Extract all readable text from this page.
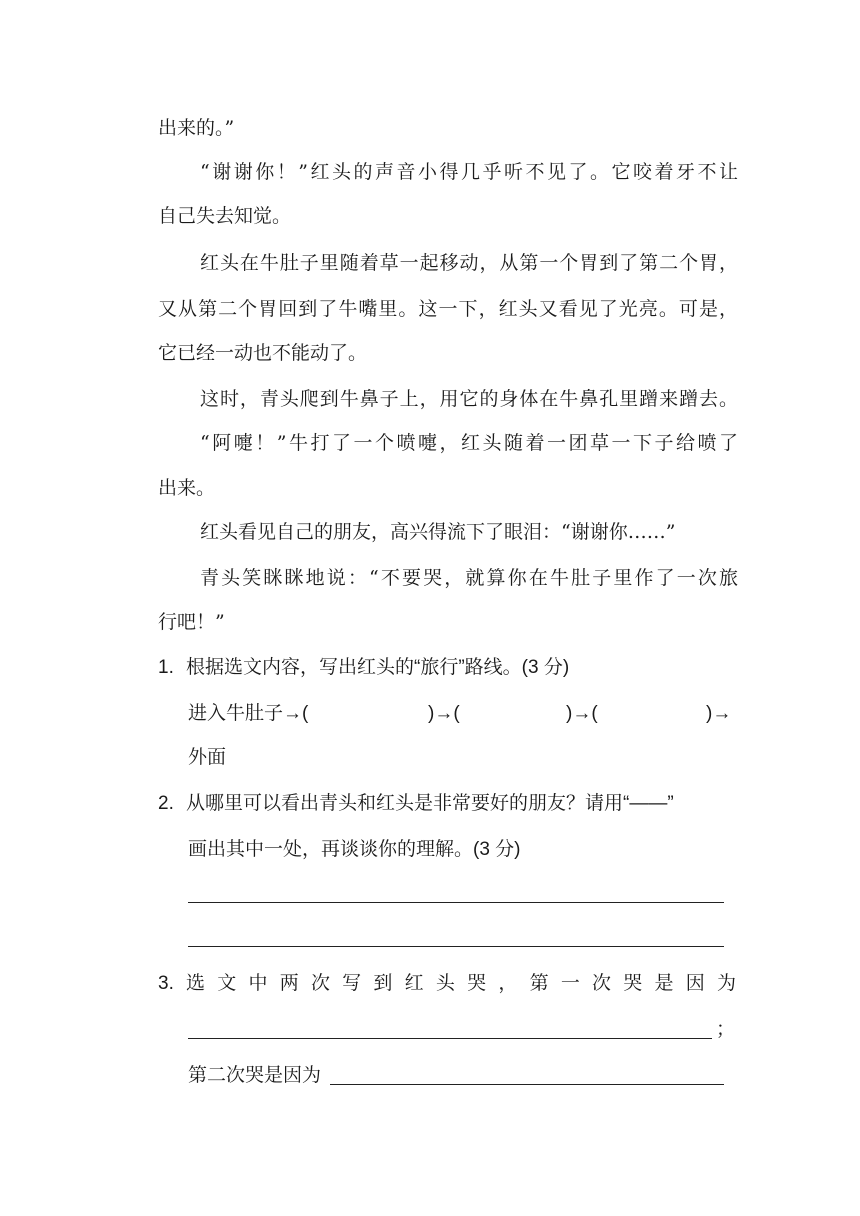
出来的。”
“谢谢你！”红头的声音小得几乎听不见了。它咬着牙不让
自己失去知觉。
红头在牛肚子里随着草一起移动，从第一个胃到了第二个胃，
又从第二个胃回到了牛嘴里。这一下，红头又看见了光亮。可是，
它已经一动也不能动了。
这时，青头爬到牛鼻子上，用它的身体在牛鼻孔里蹭来蹭去。
“阿嚏！”牛打了一个喷嚏，红头随着一团草一下子给喷了
出来。
红头看见自己的朋友，高兴得流下了眼泪：“谢谢你……”
青头笑眯眯地说：“不要哭，就算你在牛肚子里作了一次旅
行吧！”
1. 根据选文内容，写出红头的“旅行”路线。(3 分)
进入牛肚子→(	)→(	)→(	)→
外面
2. 从哪里可以看出青头和红头是非常要好的朋友？请用“——”
画出其中一处，再谈谈你的理解。(3 分)
3. 选文中两次写到红头哭，第一次哭是因为
；
第二次哭是因为
